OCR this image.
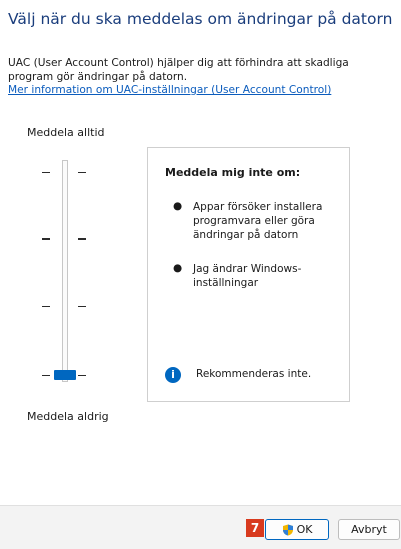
Välj när du ska meddelas om ändringar på datorn
UAC (User Account Control) hjälper dig att förhindra att skadliga program gör ändringar på datorn.
Mer information om UAC-inställningar (User Account Control)
Meddela alltid
Meddela aldrig
Meddela mig inte om:
● Appar försöker installera programvara eller göra ändringar på datorn
● Jag ändrar Windows-inställningar
i	Rekommenderas inte.
7	OK	Avbryt
